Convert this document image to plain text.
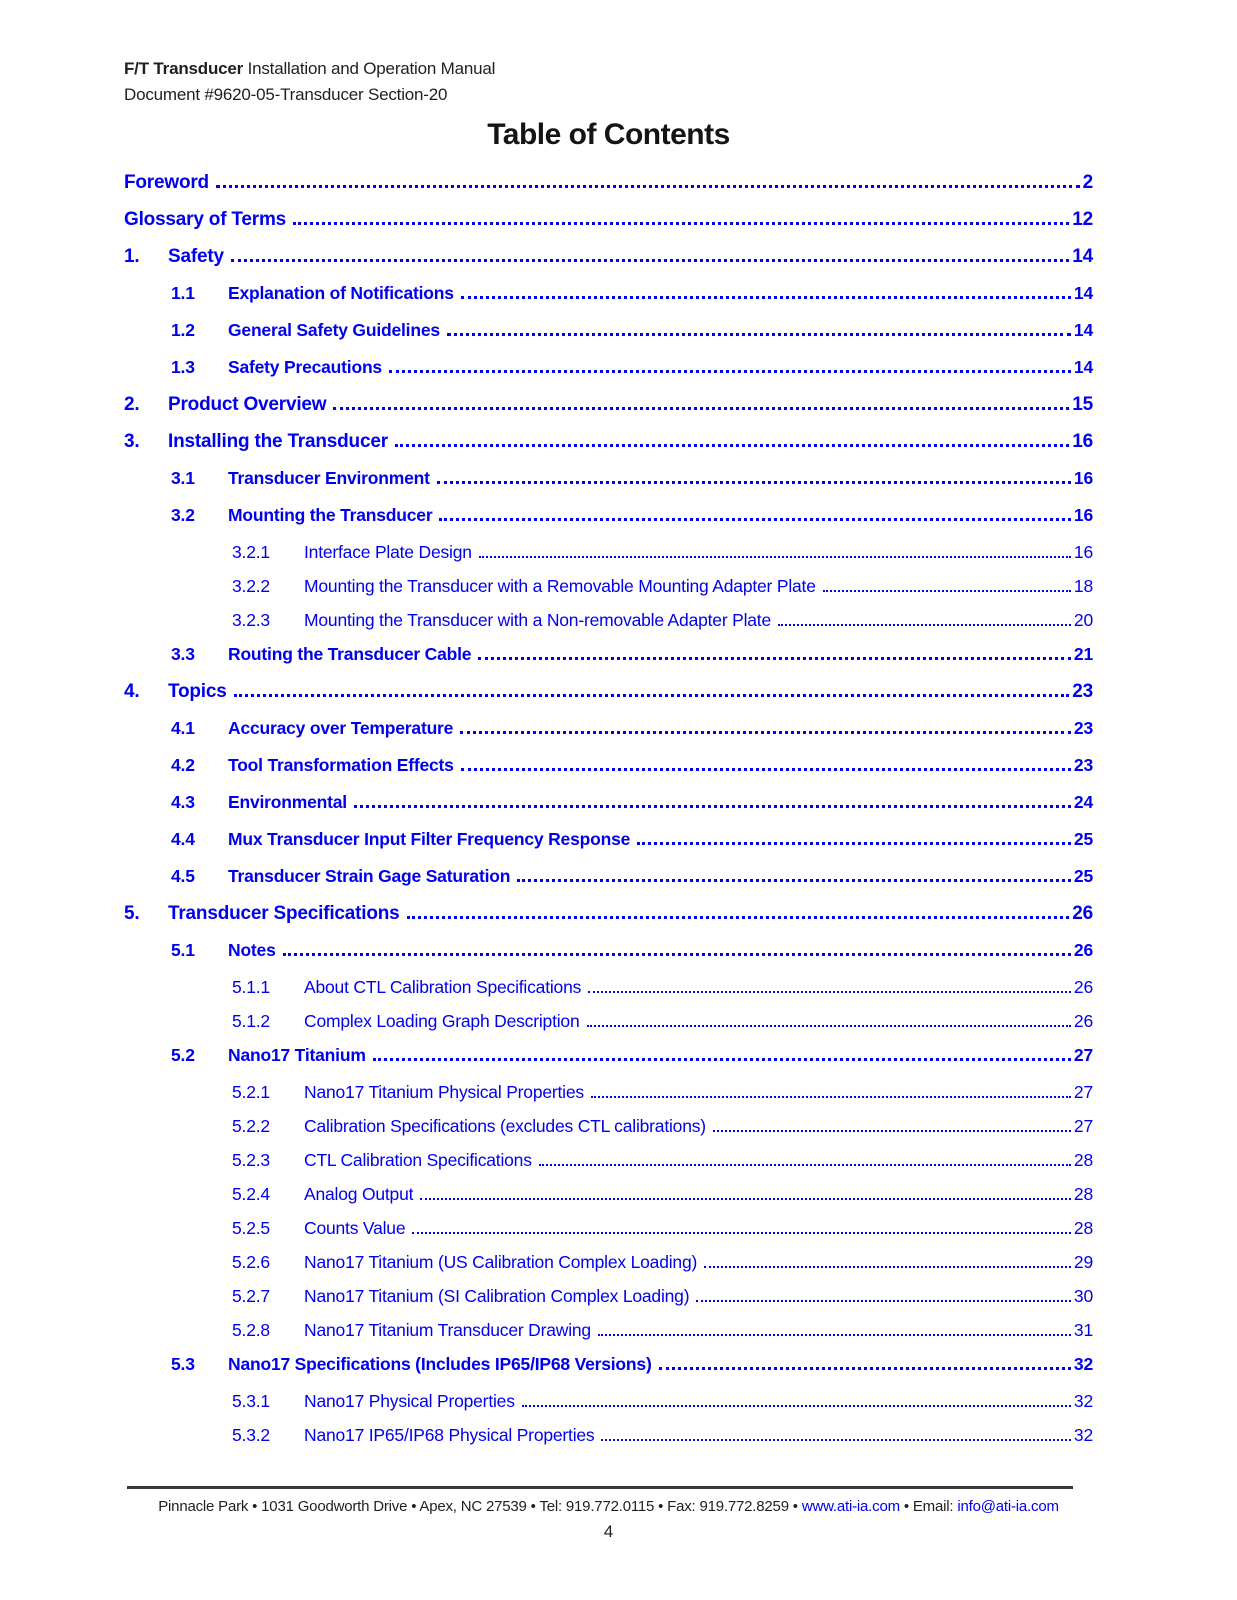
F/T Transducer Installation and Operation Manual
Document #9620-05-Transducer Section-20
Table of Contents
Foreword	2
Glossary of Terms	12
1.	Safety	14
1.1	Explanation of Notifications	14
1.2	General Safety Guidelines	14
1.3	Safety Precautions	14
2.	Product Overview	15
3.	Installing the Transducer	16
3.1	Transducer Environment	16
3.2	Mounting the Transducer	16
3.2.1	Interface Plate Design	16
3.2.2	Mounting the Transducer with a Removable Mounting Adapter Plate	18
3.2.3	Mounting the Transducer with a Non-removable Adapter Plate	20
3.3	Routing the Transducer Cable	21
4.	Topics	23
4.1	Accuracy over Temperature	23
4.2	Tool Transformation Effects	23
4.3	Environmental	24
4.4	Mux Transducer Input Filter Frequency Response	25
4.5	Transducer Strain Gage Saturation	25
5.	Transducer Specifications	26
5.1	Notes	26
5.1.1	About CTL Calibration Specifications	26
5.1.2	Complex Loading Graph Description	26
5.2	Nano17 Titanium	27
5.2.1	Nano17 Titanium Physical Properties	27
5.2.2	Calibration Specifications (excludes CTL calibrations)	27
5.2.3	CTL Calibration Specifications	28
5.2.4	Analog Output	28
5.2.5	Counts Value	28
5.2.6	Nano17 Titanium (US Calibration Complex Loading)	29
5.2.7	Nano17 Titanium (SI Calibration Complex Loading)	30
5.2.8	Nano17 Titanium Transducer Drawing	31
5.3	Nano17 Specifications (Includes IP65/IP68 Versions)	32
5.3.1	Nano17 Physical Properties	32
5.3.2	Nano17 IP65/IP68 Physical Properties	32
Pinnacle Park • 1031 Goodworth Drive • Apex, NC 27539 • Tel: 919.772.0115 • Fax: 919.772.8259 • www.ati-ia.com • Email: info@ati-ia.com
4
